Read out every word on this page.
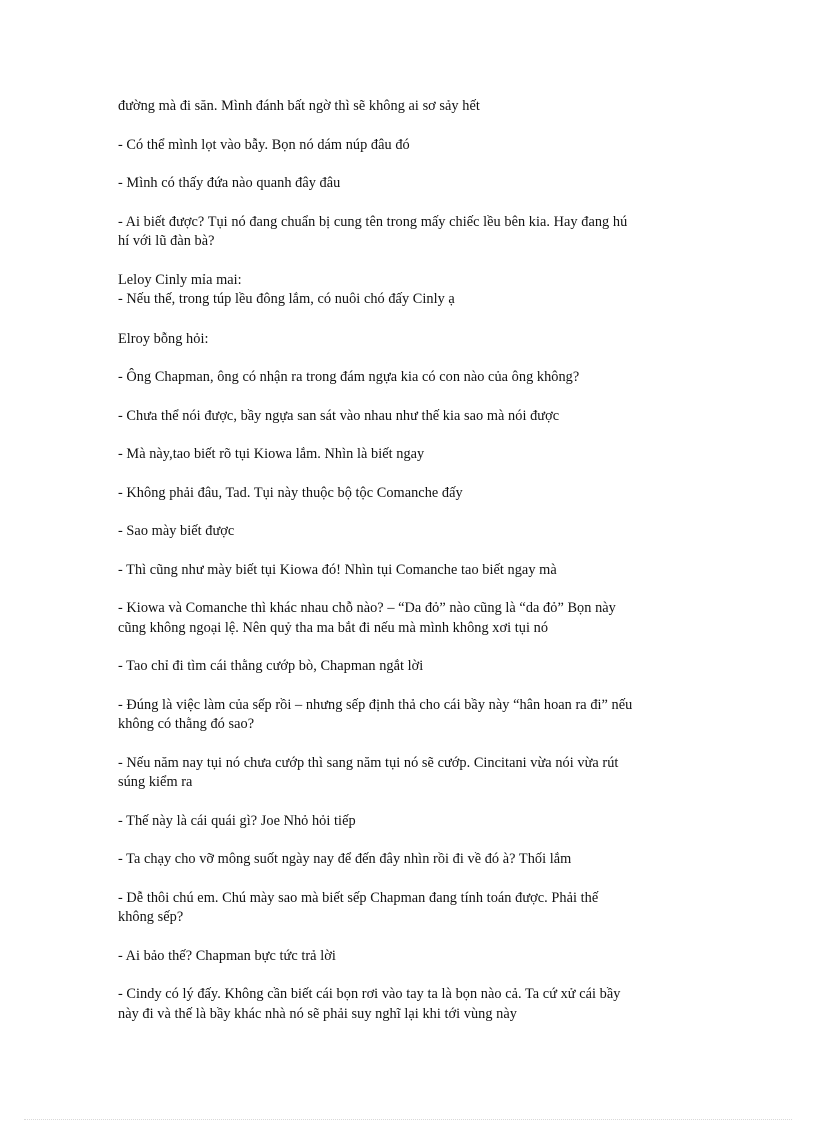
đường mà đi săn. Mình đánh bất ngờ thì sẽ không ai sơ sảy hết

- Có thể mình lọt vào bẫy. Bọn nó dám núp đâu đó

- Mình có thấy đứa nào quanh đây đâu

- Ai biết được? Tụi nó đang chuẩn bị cung tên trong mấy chiếc lều bên kia. Hay đang hú
hí với lũ đàn bà?

Leloy Cinly mỉa mai:
- Nếu thế, trong túp lều đông lắm, có nuôi chó đấy Cinly ạ

Elroy bỗng hỏi:

- Ông Chapman, ông có nhận ra trong đám ngựa kia có con nào của ông không?

- Chưa thể nói được, bầy ngựa san sát vào nhau như thế kia sao mà nói được

- Mà này,tao biết rõ tụi Kiowa lắm. Nhìn là biết ngay

- Không phải đâu, Tad. Tụi này thuộc bộ tộc Comanche đấy

- Sao mày biết được

- Thì cũng như mày biết tụi Kiowa đó! Nhìn tụi Comanche tao biết ngay mà

- Kiowa và Comanche thì khác nhau chỗ nào? – “Da đỏ” nào cũng là “da đỏ” Bọn này
cũng không ngoại lệ. Nên quỷ tha ma bắt đi nếu mà mình không xơi tụi nó

- Tao chỉ đi tìm cái thằng cướp bò, Chapman ngắt lời

- Đúng là việc làm của sếp rồi – nhưng sếp định thả cho cái bầy này “hân hoan ra đi” nếu
không có thằng đó sao?

- Nếu năm nay tụi nó chưa cướp thì sang năm tụi nó sẽ cướp. Cincitani vừa nói vừa rút
súng kiểm ra

- Thế này là cái quái gì? Joe Nhỏ hỏi tiếp

- Ta chạy cho vỡ mông suốt ngày nay để đến đây nhìn rồi đi về đó à? Thối lắm

- Dễ thôi chú em. Chú mày sao mà biết sếp Chapman đang tính toán được. Phải thế
không sếp?

- Ai bảo thế? Chapman bực tức trả lời

- Cindy có lý đấy. Không cần biết cái bọn rơi vào tay ta là bọn nào cả. Ta cứ xử cái bầy
này đi và thế là bầy khác nhà nó sẽ phải suy nghĩ lại khi tới vùng này
